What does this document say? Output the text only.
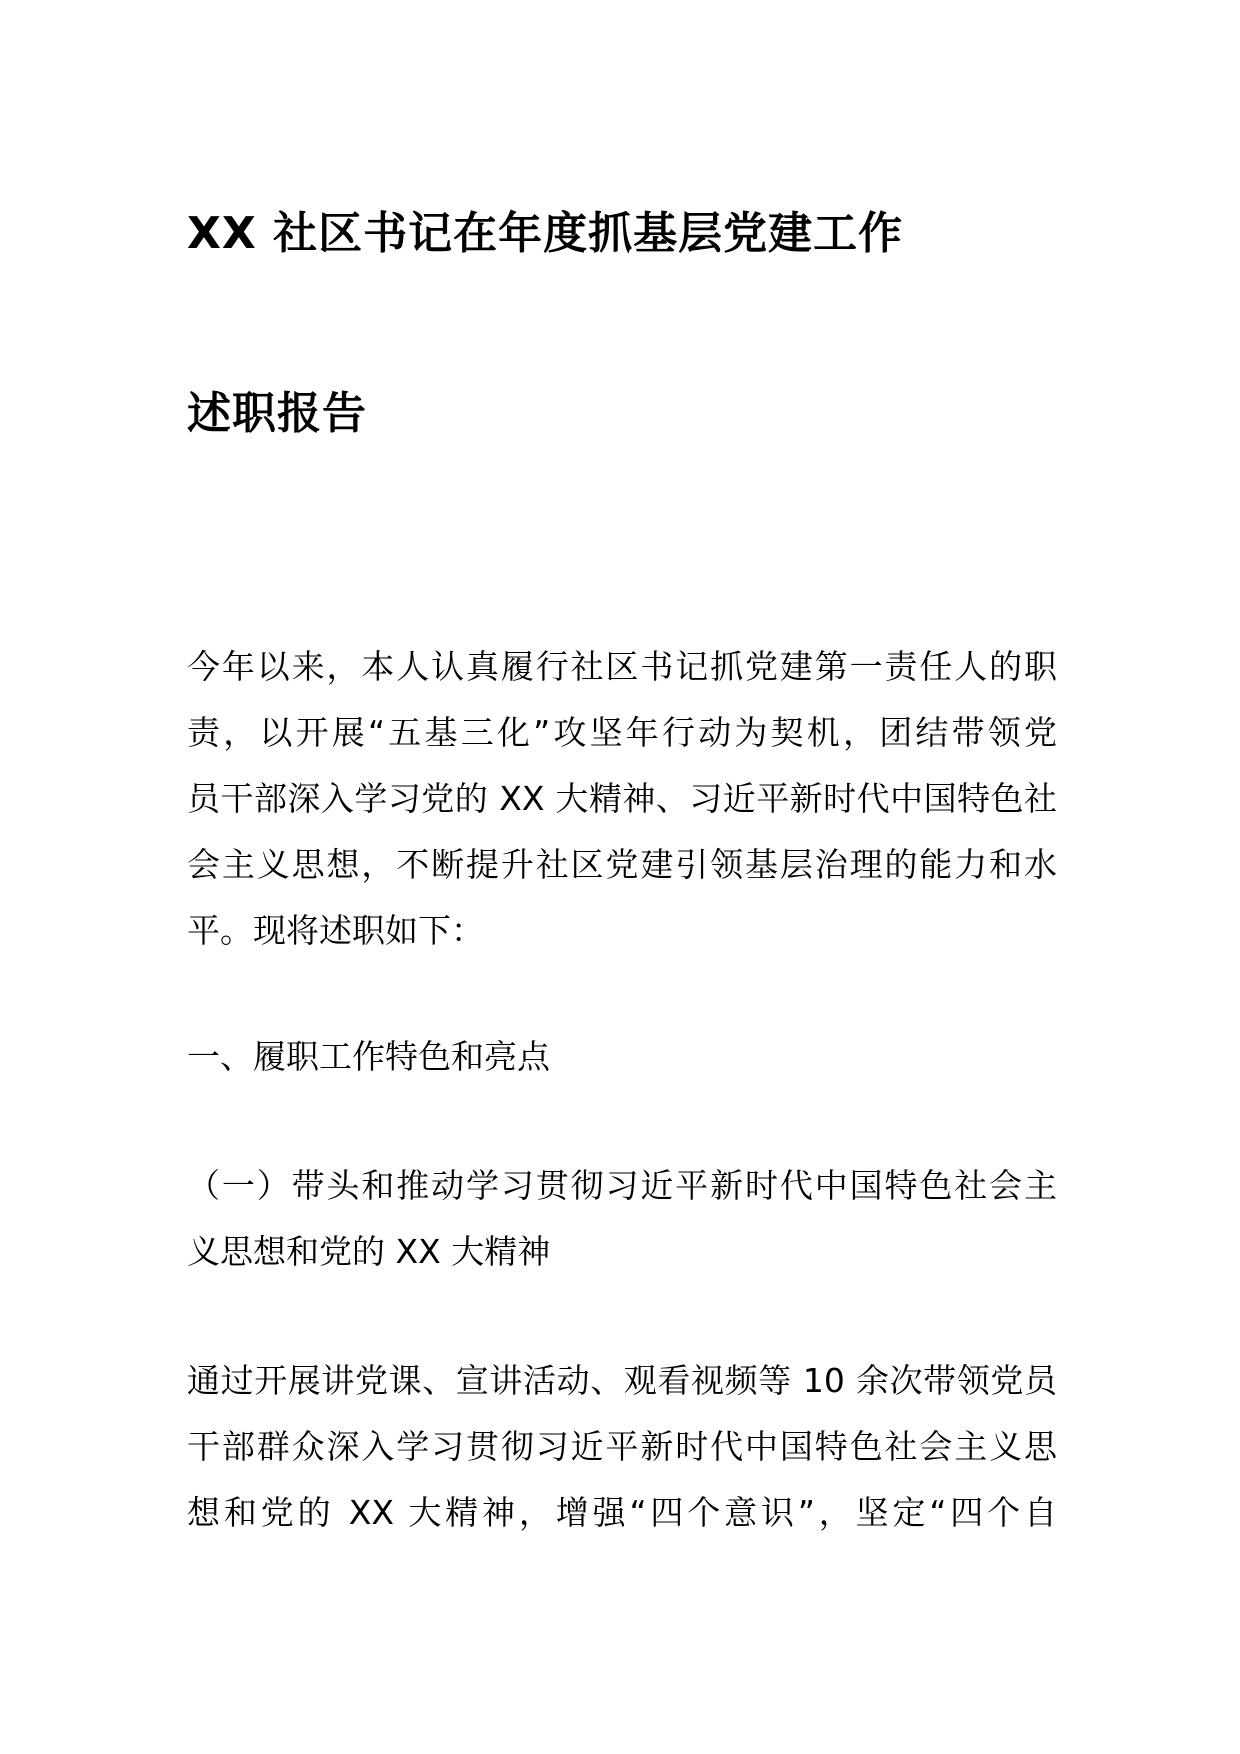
XX 社区书记在年度抓基层党建工作
述职报告
今年以来，本人认真履行社区书记抓党建第一责任人的职
责，以开展“五基三化”攻坚年行动为契机，团结带领党
员干部深入学习党的 XX 大精神、习近平新时代中国特色社
会主义思想，不断提升社区党建引领基层治理的能力和水
平。现将述职如下：
一、履职工作特色和亮点
（一）带头和推动学习贯彻习近平新时代中国特色社会主
义思想和党的 XX 大精神
通过开展讲党课、宣讲活动、观看视频等 10 余次带领党员
干部群众深入学习贯彻习近平新时代中国特色社会主义思
想和党的 XX 大精神，增强“四个意识”，坚定“四个自
